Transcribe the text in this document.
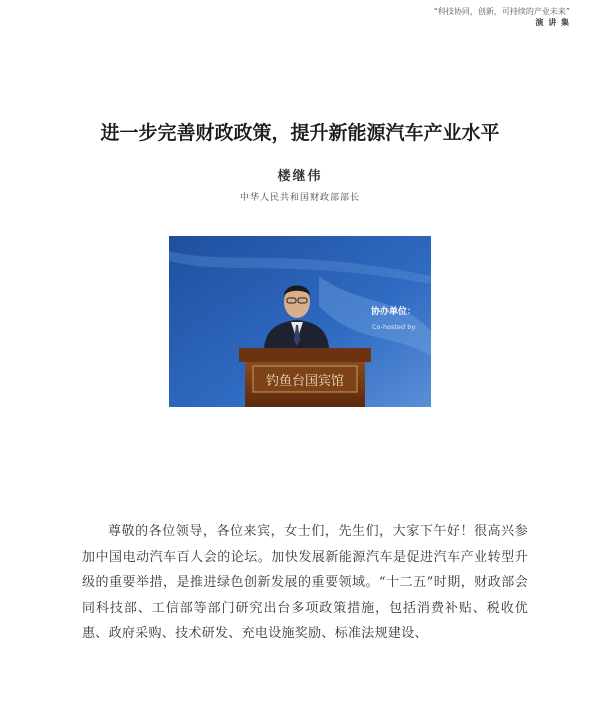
“科技协同，创新，可持续的产业未来”
演 讲 集
进一步完善财政政策，提升新能源汽车产业水平
楼继伟
中华人民共和国财政部部长
协办单位：
Co-hosted by:
钓鱼台国宾馆
尊敬的各位领导，各位来宾，女士们，先生们，大家下午好！很高兴参加中国电动汽车百人会的论坛。加快发展新能源汽车是促进汽车产业转型升级的重要举措，是推进绿色创新发展的重要领域。“十二五”时期，财政部会同科技部、工信部等部门研究出台多项政策措施，包括消费补贴、税收优惠、政府采购、技术研发、充电设施奖励、标准法规建设、
